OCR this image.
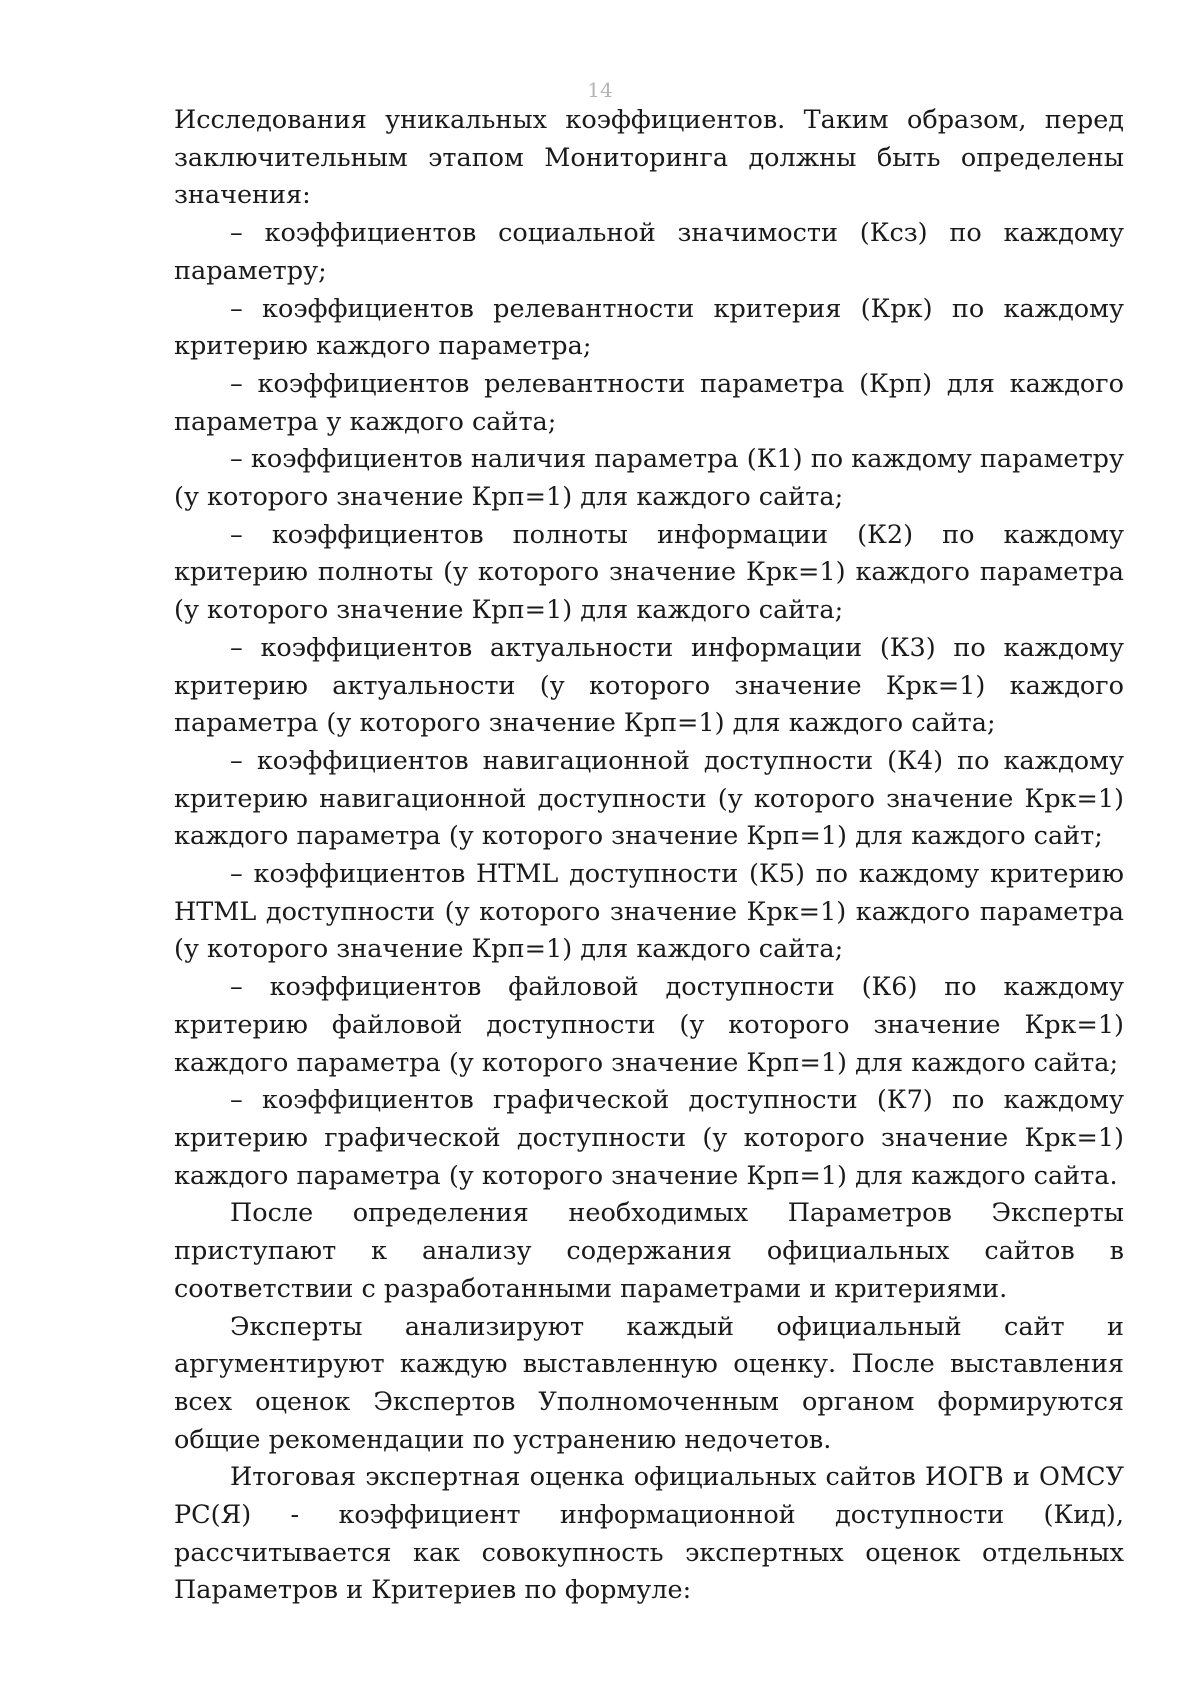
14

Исследования уникальных коэффициентов. Таким образом, перед заключительным этапом Мониторинга должны быть определены значения:

– коэффициентов социальной значимости (Ксз) по каждому параметру;

– коэффициентов релевантности критерия (Крк) по каждому критерию каждого параметра;

– коэффициентов релевантности параметра (Крп) для каждого параметра у каждого сайта;

– коэффициентов наличия параметра (К1) по каждому параметру (у которого значение Крп=1) для каждого сайта;

– коэффициентов полноты информации (К2) по каждому критерию полноты (у которого значение Крк=1) каждого параметра (у которого значение Крп=1) для каждого сайта;

– коэффициентов актуальности информации (К3) по каждому критерию актуальности (у которого значение Крк=1) каждого параметра (у которого значение Крп=1) для каждого сайта;

– коэффициентов навигационной доступности (К4) по каждому критерию навигационной доступности (у которого значение Крк=1) каждого параметра (у которого значение Крп=1) для каждого сайт;

– коэффициентов HTML доступности (К5) по каждому критерию HTML доступности (у которого значение Крк=1) каждого параметра (у которого значение Крп=1) для каждого сайта;

– коэффициентов файловой доступности (К6) по каждому критерию файловой доступности (у которого значение Крк=1) каждого параметра (у которого значение Крп=1) для каждого сайта;

– коэффициентов графической доступности (К7) по каждому критерию графической доступности (у которого значение Крк=1) каждого параметра (у которого значение Крп=1) для каждого сайта.

После определения необходимых Параметров Эксперты приступают к анализу содержания официальных сайтов в соответствии с разработанными параметрами и критериями.

Эксперты анализируют каждый официальный сайт и аргументируют каждую выставленную оценку. После выставления всех оценок Экспертов Уполномоченным органом формируются общие рекомендации по устранению недочетов.

Итоговая экспертная оценка официальных сайтов ИОГВ и ОМСУ РС(Я) - коэффициент информационной доступности (Кид), рассчитывается как совокупность экспертных оценок отдельных Параметров и Критериев по формуле:
